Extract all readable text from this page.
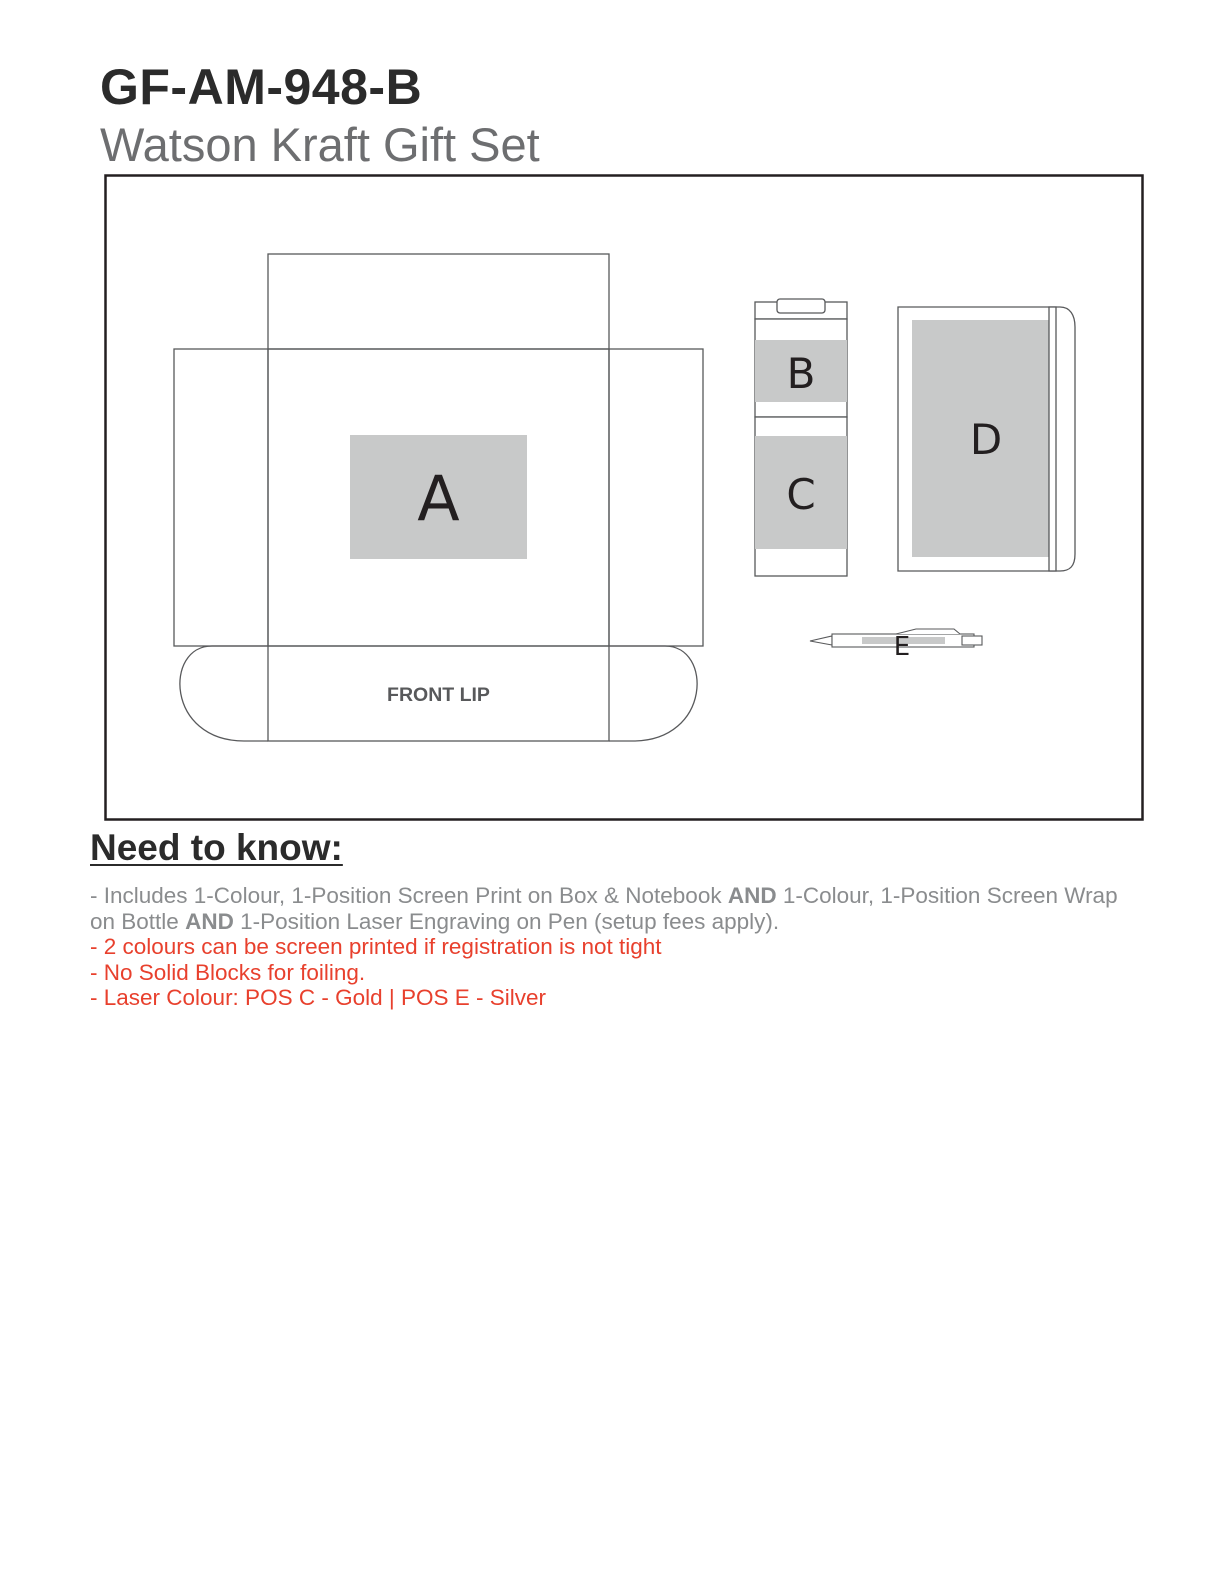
GF-AM-948-B
Watson Kraft Gift Set
A
FRONT LIP
B
C
D
E
Need to know:
- Includes 1-Colour, 1-Position Screen Print on Box & Notebook AND 1-Colour, 1-Position Screen Wrap on Bottle AND 1-Position Laser Engraving on Pen (setup fees apply).
- 2 colours can be screen printed if registration is not tight
- No Solid Blocks for foiling.
- Laser Colour: POS C - Gold | POS E - Silver
